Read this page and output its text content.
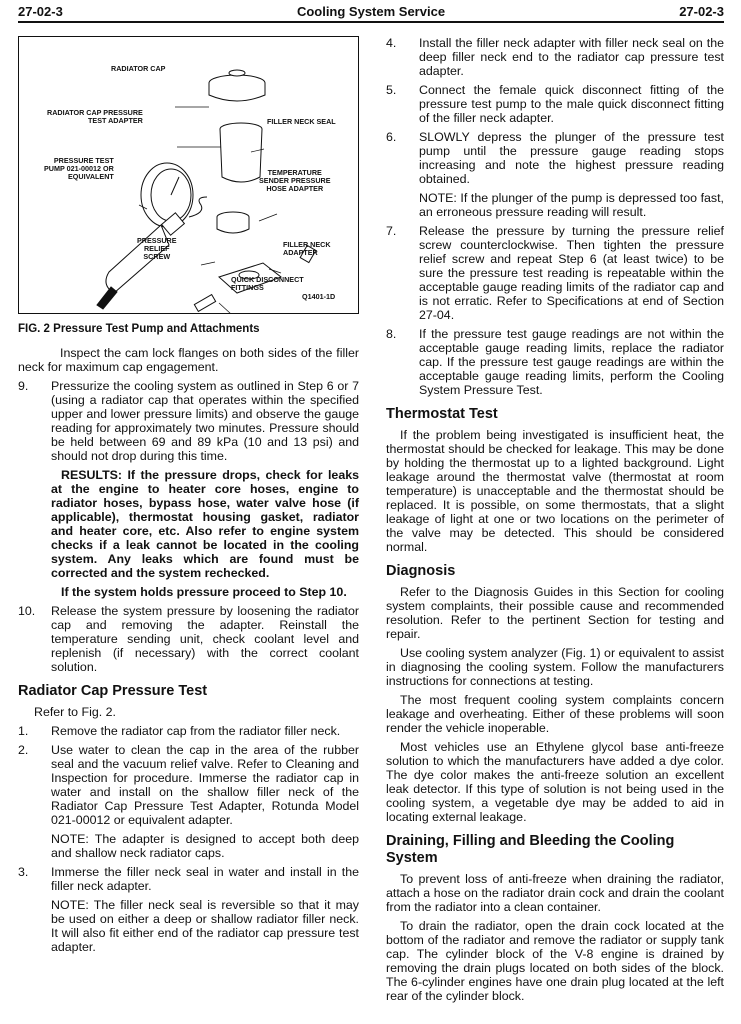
27-02-3	Cooling System Service	27-02-3
RADIATOR CAP
RADIATOR CAP PRESSURE
TEST ADAPTER	FILLER NECK SEAL
PRESSURE TEST
PUMP 021-00012 OR
EQUIVALENT	TEMPERATURE
SENDER PRESSURE
HOSE ADAPTER
PRESSURE
RELIEF
SCREW
FILLER NECK
ADAPTER
QUICK DISCONNECT
FITTINGS
Q1401-1D
FIG. 2 Pressure Test Pump and Attachments

Inspect the cam lock flanges on both sides of the filler neck for maximum cap engagement.

9.	Pressurize the cooling system as outlined in Step 6 or 7 (using a radiator cap that operates within the specified upper and lower pressure limits) and observe the gauge reading for approximately two minutes. Pressure should be held between 69 and 89 kPa (10 and 13 psi) and should not drop during this time.

RESULTS: If the pressure drops, check for leaks at the engine to heater core hoses, engine to radiator hoses, bypass hose, water valve hose (if applicable), thermostat housing gasket, radiator and heater core, etc. Also refer to engine system checks if a leak cannot be located in the cooling system. Any leaks which are found must be corrected and the system rechecked.

If the system holds pressure proceed to Step 10.

10.	Release the system pressure by loosening the radiator cap and removing the adapter. Reinstall the temperature sending unit, check coolant level and replenish (if necessary) with the correct coolant solution.
Radiator Cap Pressure Test

Refer to Fig. 2.

1.	Remove the radiator cap from the radiator filler neck.
2.	Use water to clean the cap in the area of the rubber seal and the vacuum relief valve. Refer to Cleaning and Inspection for procedure. Immerse the radiator cap in water and install on the shallow filler neck of the Radiator Cap Pressure Test Adapter, Rotunda Model 021-00012 or equivalent adapter.

NOTE: The adapter is designed to accept both deep and shallow neck radiator caps.

3.	Immerse the filler neck seal in water and install in the filler neck adapter.

NOTE: The filler neck seal is reversible so that it may be used on either a deep or shallow radiator filler neck. It will also fit either end of the radiator cap pressure test adapter.

4.	Install the filler neck adapter with filler neck seal on the deep filler neck end to the radiator cap pressure test adapter.
5.	Connect the female quick disconnect fitting of the pressure test pump to the male quick disconnect fitting of the filler neck adapter.
6.	SLOWLY depress the plunger of the pressure test pump until the pressure gauge reading stops increasing and note the highest pressure reading obtained.

NOTE: If the plunger of the pump is depressed too fast, an erroneous pressure reading will result.

7.	Release the pressure by turning the pressure relief screw counterclockwise. Then tighten the pressure relief screw and repeat Step 6 (at least twice) to be sure the pressure test reading is repeatable within the acceptable gauge reading limits of the radiator cap and is not erratic. Refer to Specifications at end of Section 27-04.
8.	If the pressure test gauge readings are not within the acceptable gauge reading limits, replace the radiator cap. If the pressure test gauge readings are within the acceptable gauge reading limits, perform the Cooling System Pressure Test.
Thermostat Test

If the problem being investigated is insufficient heat, the thermostat should be checked for leakage. This may be done by holding the thermostat up to a lighted background. Light leakage around the thermostat valve (thermostat at room temperature) is unacceptable and the thermostat should be replaced. It is possible, on some thermostats, that a slight leakage of light at one or two locations on the perimeter of the valve may be detected. This should be considered normal.

Diagnosis

Refer to the Diagnosis Guides in this Section for cooling system complaints, their possible cause and recommended resolution. Refer to the pertinent Section for testing and repair.

Use cooling system analyzer (Fig. 1) or equivalent to assist in diagnosing the cooling system. Follow the manufacturers instructions for connections at testing.

The most frequent cooling system complaints concern leakage and overheating. Either of these problems will soon render the vehicle inoperable.

Most vehicles use an Ethylene glycol base anti-freeze solution to which the manufacturers have added a dye color. The dye color makes the anti-freeze solution an excellent leak detector. If this type of solution is not being used in the cooling system, a vegetable dye may be added to aid in locating external leakage.

Draining, Filling and Bleeding the Cooling System

To prevent loss of anti-freeze when draining the radiator, attach a hose on the radiator drain cock and drain the coolant from the radiator into a clean container.

To drain the radiator, open the drain cock located at the bottom of the radiator and remove the radiator or supply tank cap. The cylinder block of the V-8 engine is drained by removing the drain plugs located on both sides of the block. The 6-cylinder engines have one drain plug located at the left rear of the cylinder block.
